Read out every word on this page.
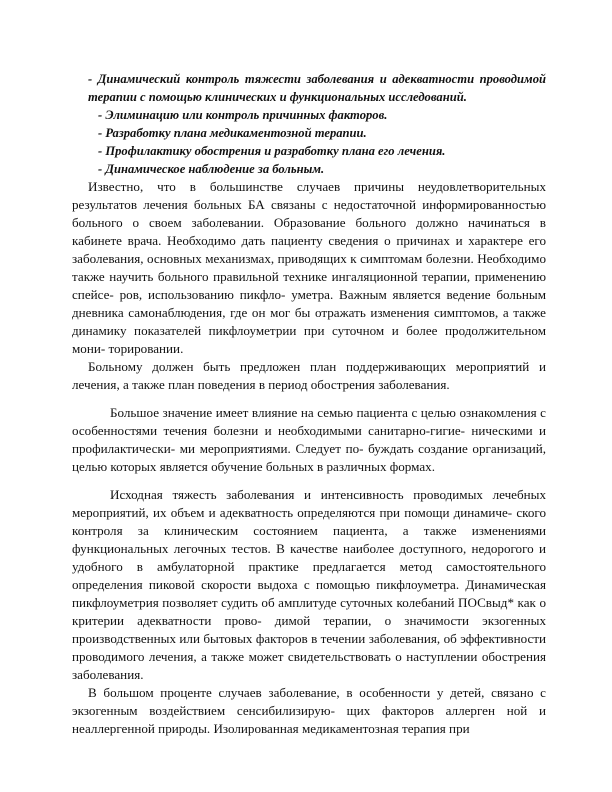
- Динамический контроль тяжести заболевания и адекватности проводимой терапии с помощью клинических и функциональных исследований.

- Элиминацию или контроль причинных факторов.

- Разработку плана медикаментозной терапии.

- Профилактику обострения и разработку плана его лечения.

- Динамическое наблюдение за больным.

Известно, что в большинстве случаев причины неудовлетворительных результатов лечения больных БА связаны с недостаточной информированностью больного о своем заболевании. Образование больного должно начинаться в кабинете врача. Необходимо дать пациенту сведения о причинах и характере его заболевания, основных механизмах, приводящих к симптомам болезни. Необходимо также научить больного правильной технике ингаляционной терапии, применению спейсе- ров, использованию пикфло- уметра. Важным является ведение больным дневника самонаблюдения, где он мог бы отражать изменения симптомов, а также динамику показателей пикфлоуметрии при суточном и более продолжительном мони- торировании.

Больному должен быть предложен план поддерживающих мероприятий и лечения, а также план поведения в период обострения заболевания.

Большое значение имеет влияние на семью пациента с целью ознакомления с особенностями течения болезни и необходимыми санитарно-гигие- ническими и профилактически- ми мероприятиями. Следует по- буждать создание организаций, целью которых является обучение больных в различных формах.

Исходная тяжесть заболевания и интенсивность проводимых лечебных мероприятий, их объем и адекватность определяются при помощи динамиче- ского контроля за клиническим состоянием пациента, а также изменениями функциональных легочных тестов. В качестве наиболее доступного, недорогого и удобного в амбулаторной практике предлагается метод самостоятельного определения пиковой скорости выдоха с помощью пикфлоуметра. Динамическая пикфлоуметрия позволяет судить об амплитуде суточных колебаний ПОСвыд* как о критерии адекватности прово- димой терапии, о значимости экзогенных производственных или бытовых факторов в течении заболевания, об эффективности проводимого лечения, а также может свидетельствовать о наступлении обострения заболевания.

В большом проценте случаев заболевание, в особенности у детей, связано с экзогенным воздействием сенсибилизирую- щих факторов аллерген ной и неаллергенной природы. Изолированная медикаментозная терапия при
